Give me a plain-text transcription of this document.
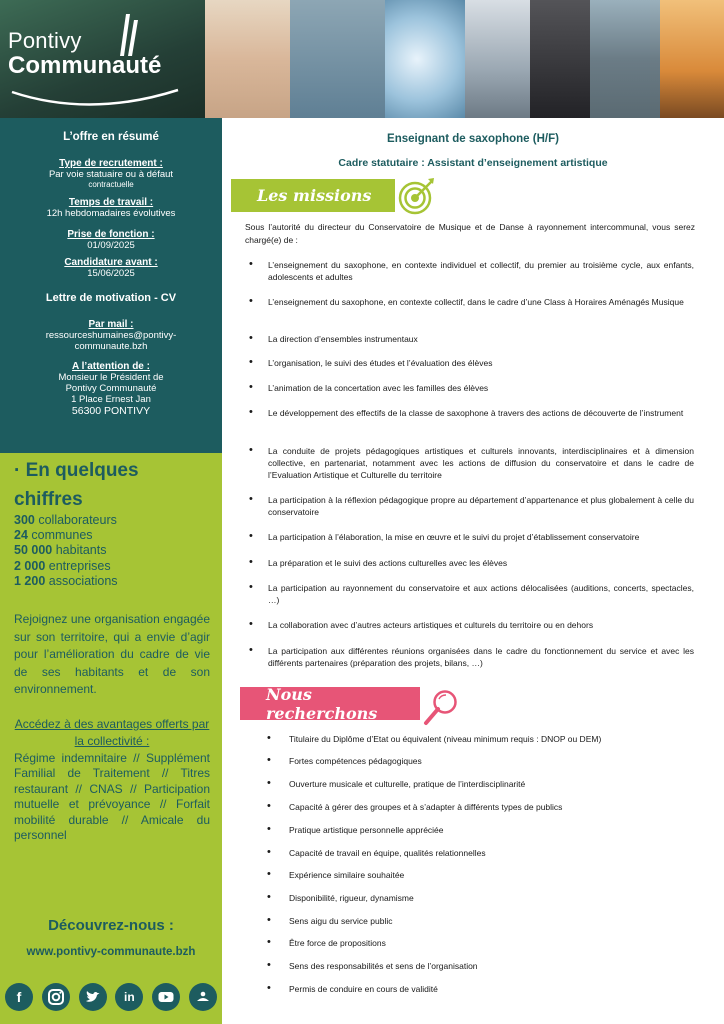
Pontivy
Communauté
L’offre en résumé
Type de recrutement :
Par voie statuaire ou à défaut
contractuelle
Temps de travail :
12h hebdomadaires évolutives
Prise de fonction :
01/09/2025
Candidature avant :
15/06/2025
Lettre de motivation - CV
Par mail :
ressourceshumaines@pontivy-
communaute.bzh
A l’attention de :
Monsieur le Président de
Pontivy Communauté
1 Place Ernest Jan
56300 PONTIVY
· En quelques
chiffres
300 collaborateurs
24 communes
50 000 habitants
2 000 entreprises
1 200 associations
Rejoignez une organisation engagée sur son territoire, qui a envie d’agir pour l’amélioration du cadre de vie de ses habitants et de son environnement.
Accédez à des avantages offerts par la collectivité :
Régime indemnitaire // Supplément Familial de Traitement // Titres restaurant // CNAS // Participation mutuelle et prévoyance // Forfait mobilité durable // Amicale du personnel
Découvrez-nous :
www.pontivy-communaute.bzh
f	in
Enseignant de saxophone (H/F)
Cadre statutaire : Assistant d’enseignement artistique
Les missions
Sous l’autorité du directeur du Conservatoire de Musique et de Danse à rayonnement intercommunal, vous serez chargé(e) de :
• L’enseignement du saxophone, en contexte individuel et collectif, du premier au troisième cycle, aux enfants, adolescents et adultes
• L’enseignement du saxophone, en contexte collectif, dans le cadre d’une Class à Horaires Aménagés Musique
• La direction d’ensembles instrumentaux
• L’organisation, le suivi des études et l’évaluation des élèves
• L’animation de la concertation avec les familles des élèves
• Le développement des effectifs de la classe de saxophone à travers des actions de découverte de l’instrument
• La conduite de projets pédagogiques artistiques et culturels innovants, interdisciplinaires et à dimension collective, en partenariat, notamment avec les actions de diffusion du conservatoire et dans le cadre de l’Evaluation Artistique et Culturelle du territoire
• La participation à la réflexion pédagogique propre au département d’appartenance et plus globalement à celle du conservatoire
• La participation à l’élaboration, la mise en œuvre et le suivi du projet d’établissement conservatoire
• La préparation et le suivi des actions culturelles avec les élèves
• La participation au rayonnement du conservatoire et aux actions délocalisées (auditions, concerts, spectacles, …)
• La collaboration avec d’autres acteurs artistiques et culturels du territoire ou en dehors
• La participation aux différentes réunions organisées dans le cadre du fonctionnement du service et avec les différents partenaires (préparation des projets, bilans, …)
Nous recherchons
• Titulaire du Diplôme d’Etat ou équivalent (niveau minimum requis : DNOP ou DEM)
• Fortes compétences pédagogiques
• Ouverture musicale et culturelle, pratique de l’interdisciplinarité
• Capacité à gérer des groupes et à s’adapter à différents types de publics
• Pratique artistique personnelle appréciée
• Capacité de travail en équipe, qualités relationnelles
• Expérience similaire souhaitée
• Disponibilité, rigueur, dynamisme
• Sens aigu du service public
• Être force de propositions
• Sens des responsabilités et sens de l’organisation
• Permis de conduire en cours de validité
